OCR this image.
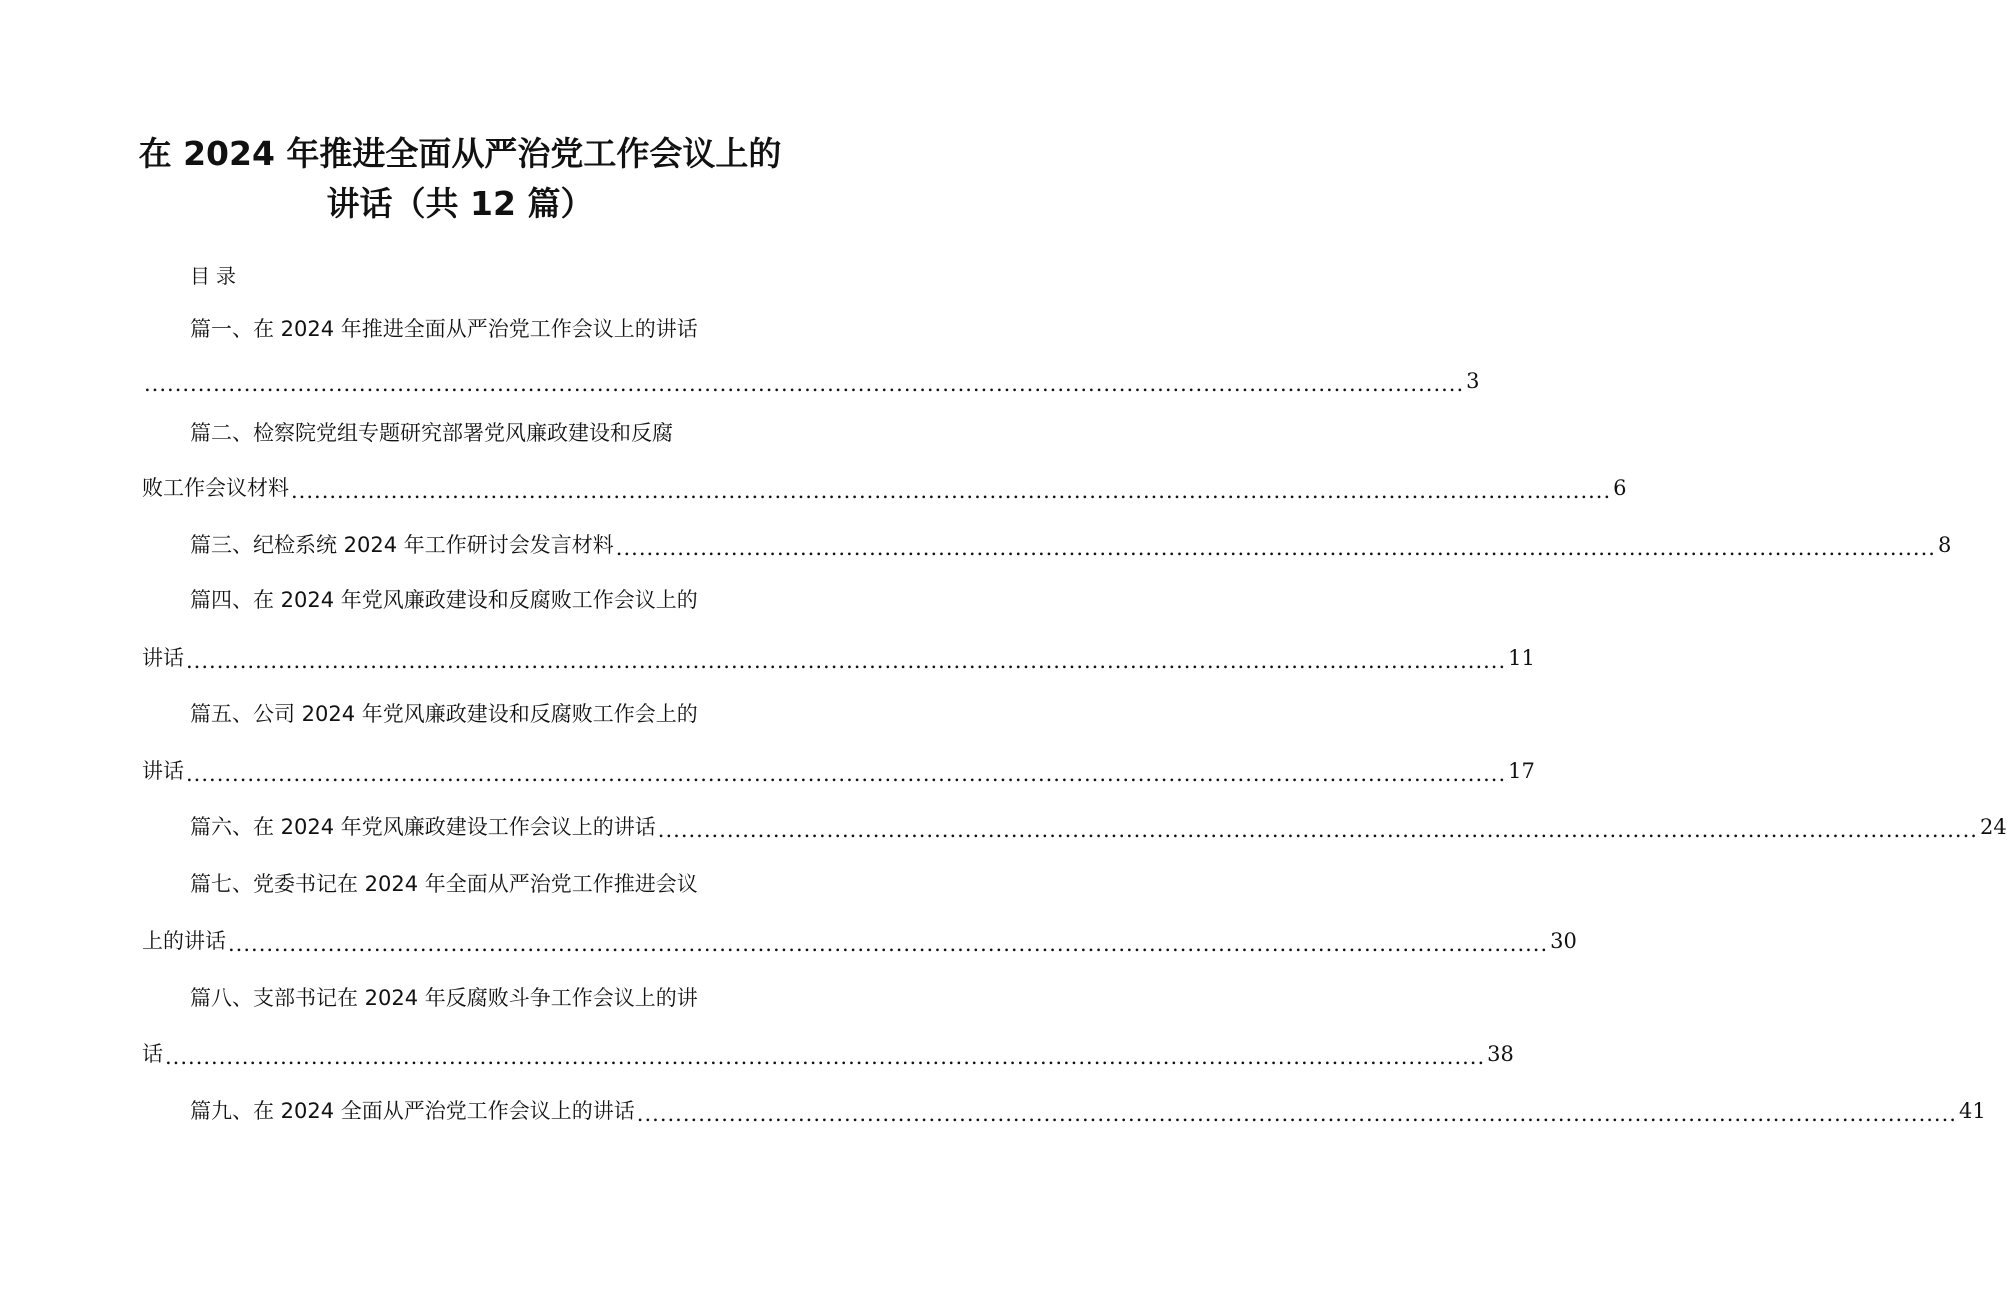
在 2024 年推进全面从严治党工作会议上的
讲话（共 12 篇）
目录
篇一、在 2024 年推进全面从严治党工作会议上的讲话
............................................................................................................................................................................ 3
篇二、检察院党组专题研究部署党风廉政建设和反腐
败工作会议材料 ............................................................................................................................................................................ 6
篇三、纪检系统 2024 年工作研讨会发言材料 ............................................................................................................................................................................ 8
篇四、在 2024 年党风廉政建设和反腐败工作会议上的
讲话 ............................................................................................................................................................................ 11
篇五、公司 2024 年党风廉政建设和反腐败工作会上的
讲话 ............................................................................................................................................................................ 17
篇六、在 2024 年党风廉政建设工作会议上的讲话 ............................................................................................................................................................................ 24
篇七、党委书记在 2024 年全面从严治党工作推进会议
上的讲话 ............................................................................................................................................................................ 30
篇八、支部书记在 2024 年反腐败斗争工作会议上的讲
话 ............................................................................................................................................................................ 38
篇九、在 2024 全面从严治党工作会议上的讲话 ............................................................................................................................................................................ 41
